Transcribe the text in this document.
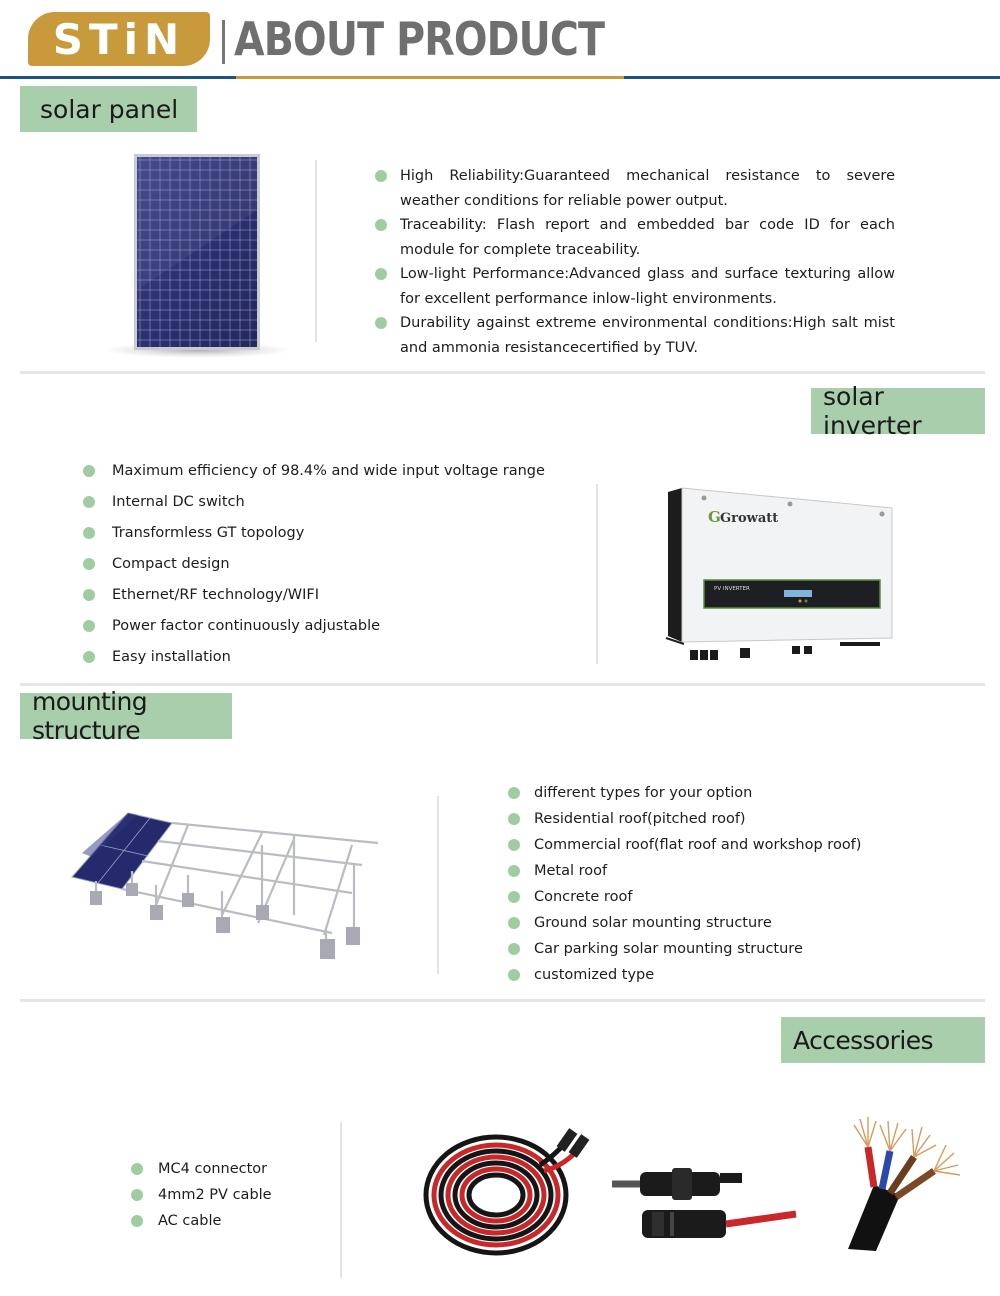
STiN ABOUT PRODUCT
solar panel
High Reliability:Guaranteed mechanical resistance to severe weather conditions for reliable power output.
Traceability: Flash report and embedded bar code ID for each module for complete traceability.
Low-light Performance:Advanced glass and surface texturing allow for excellent performance inlow-light environments.
Durability against extreme environmental conditions:High salt mist and ammonia resistancecertified by TUV.
solar inverter
Maximum efficiency of 98.4% and wide input voltage range
Internal DC switch
Transformless GT topology
Compact design
Ethernet/RF technology/WIFI
Power factor continuously adjustable
Easy installation
G Growatt
PV INVERTER
mounting structure
different types for your option
Residential roof(pitched roof)
Commercial roof(flat roof and workshop roof)
Metal roof
Concrete roof
Ground solar mounting structure
Car parking solar mounting structure
customized type
Accessories
MC4 connector
4mm2 PV cable
AC cable
